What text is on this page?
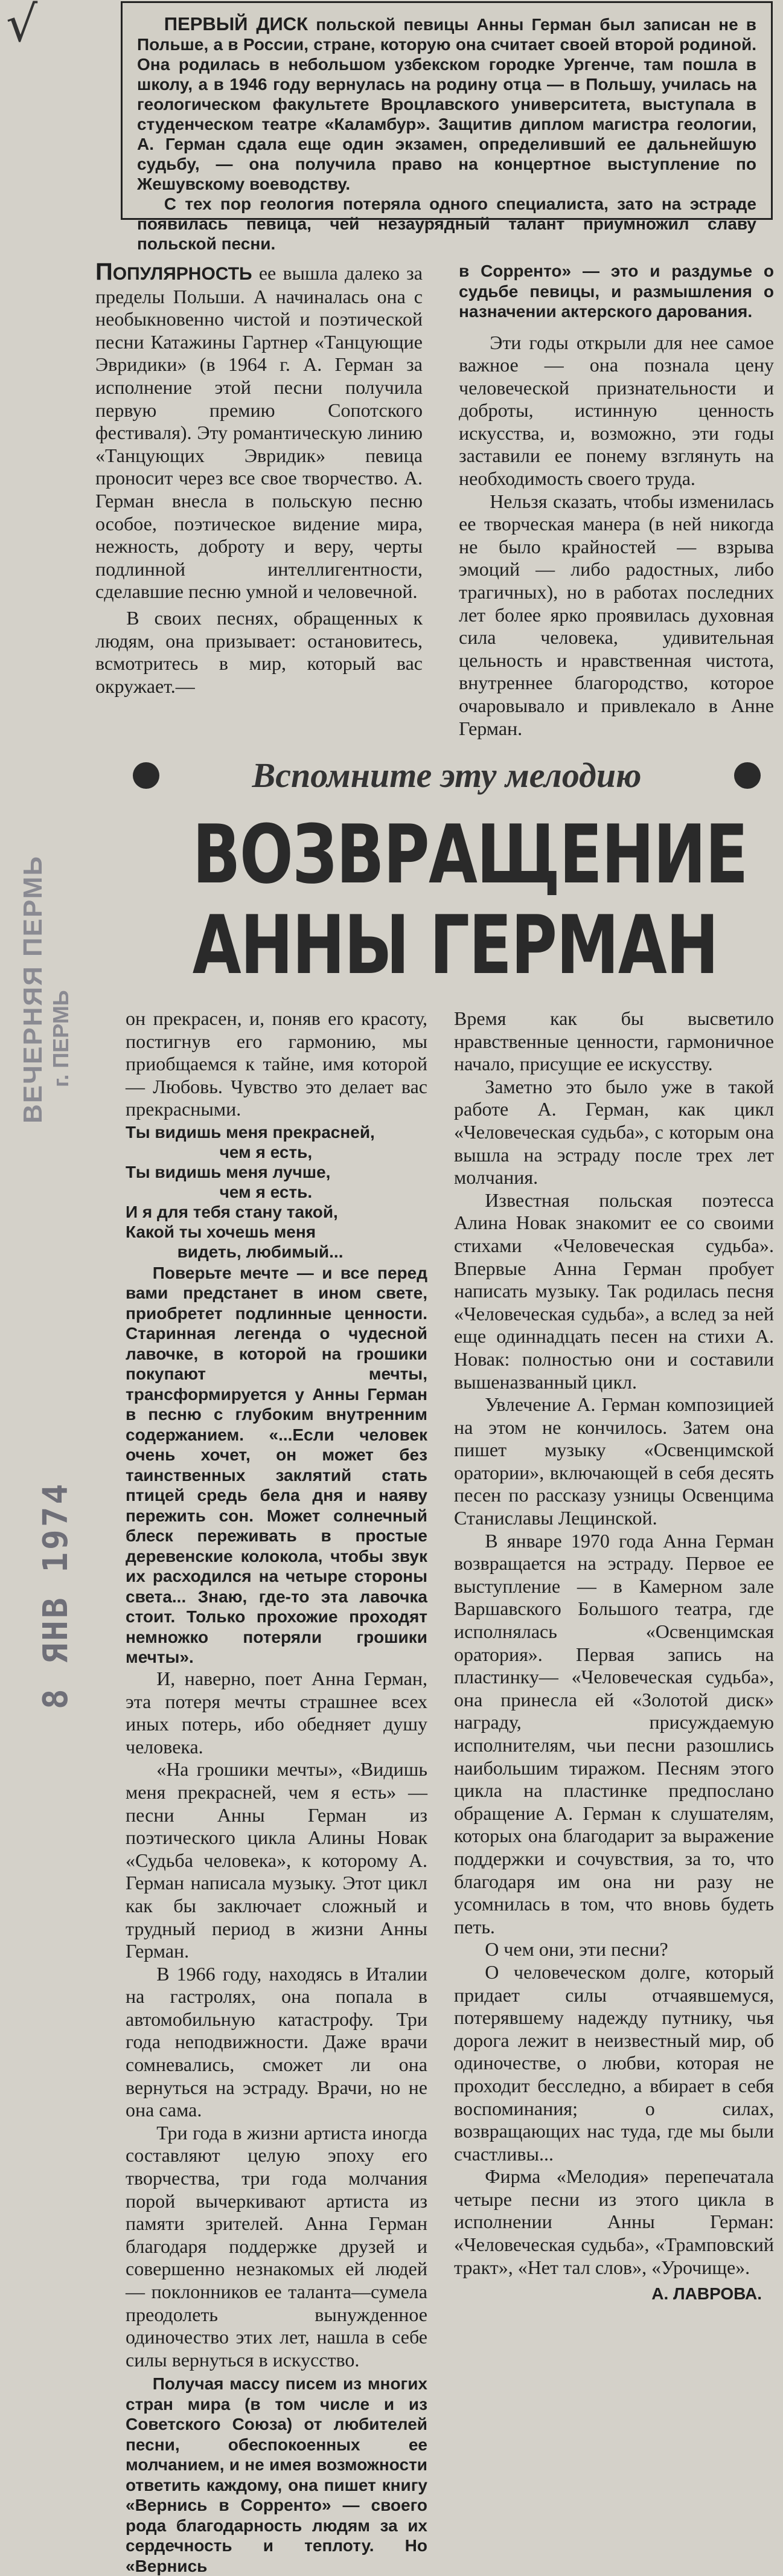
√	ПЕРВЫЙ ДИСК польской певицы Анны Герман был записан не в Польше, а в России, стране, которую она считает своей второй родиной. Она родилась в небольшом узбекском городке Ургенче, там пошла в школу, а в 1946 году вернулась на родину отца — в Польшу, училась на геологическом факультете Вроцлавского университета, выступала в студенческом театре «Каламбур». Защитив диплом магистра геологии, А. Герман сдала еще один экзамен, определивший ее дальнейшую судьбу, — она получила право на концертное выступление по Жешувскому воеводству.

С тех пор геология потеряла одного специалиста, зато на эстраде появилась певица, чей незаурядный талант приумножил славу польской песни.

ПОПУЛЯРНОСТЬ ее вышла далеко за пределы Польши. А начиналась она с необыкновенно чистой и поэтической песни Катажины Гартнер «Танцующие Эвридики» (в 1964 г. А. Герман за исполнение этой песни получила первую премию Сопотского фестиваля). Эту романтическую линию «Танцующих Эвридик» певица проносит через все свое творчество. А. Герман внесла в польскую песню особое, поэтическое видение мира, нежность, доброту и веру, черты подлинной интеллигентности, сделавшие песню умной и человечной.

В своих песнях, обращенных к людям, она призывает: остановитесь, всмотритесь в мир, который вас окружает.—

в Сорренто» — это и раздумье о судьбе певицы, и размышления о назначении актерского дарования.

Эти годы открыли для нее самое важное — она познала цену человеческой признательности и доброты, истинную ценность искусства, и, возможно, эти годы заставили ее понему взглянуть на необходимость своего труда.

Нельзя сказать, чтобы изменилась ее творческая манера (в ней никогда не было крайностей — взрыва эмоций — либо радостных, либо трагичных), но в работах последних лет более ярко проявилась духовная сила человека, удивительная цельность и нравственная чистота, внутреннее благородство, которое очаровывало и привлекало в Анне Герман.

ВЕЧЕРНЯЯ ПЕРМЬ г. ПЕРМЬ
8 ЯНВ 1974
Вспомните эту мелодию
ВОЗВРАЩЕНИЕ
АННЫ ГЕРМАН

он прекрасен, и, поняв его красоту, постигнув его гармонию, мы приобщаемся к тайне, имя которой — Любовь. Чувство это делает вас прекрасными.

Ты видишь меня прекрасней,
чем я есть,
Ты видишь меня лучше,
чем я есть.
И я для тебя стану такой,
Какой ты хочешь меня
видеть, любимый...

Поверьте мечте — и все перед вами предстанет в ином свете, приобретет подлинные ценности. Старинная легенда о чудесной лавочке, в которой на грошики покупают мечты, трансформируется у Анны Герман в песню с глубоким внутренним содержанием. «...Если человек очень хочет, он может без таинственных заклятий стать птицей средь бела дня и наяву пережить сон. Может солнечный блеск переживать в простые деревенские колокола, чтобы звук их расходился на четыре стороны света... Знаю, где-то эта лавочка стоит. Только прохожие проходят немножко потеряли грошики мечты».

И, наверно, поет Анна Герман, эта потеря мечты страшнее всех иных потерь, ибо обедняет душу человека.

«На грошики мечты», «Видишь меня прекрасней, чем я есть» — песни Анны Герман из поэтического цикла Алины Новак «Судьба человека», к которому А. Герман написала музыку. Этот цикл как бы заключает сложный и трудный период в жизни Анны Герман.

В 1966 году, находясь в Италии на гастролях, она попала в автомобильную катастрофу. Три года неподвижности. Даже врачи сомневались, сможет ли она вернуться на эстраду. Врачи, но не она сама.

Три года в жизни артиста иногда составляют целую эпоху его творчества, три года молчания порой вычеркивают артиста из памяти зрителей. Анна Герман благодаря поддержке друзей и совершенно незнакомых ей людей — поклонников ее таланта—сумела преодолеть вынужденное одиночество этих лет, нашла в себе силы вернуться в искусство.

Получая массу писем из многих стран мира (в том числе и из Советского Союза) от любителей песни, обеспокоенных ее молчанием, и не имея возможности ответить каждому, она пишет книгу «Вернись в Сорренто» — своего рода благодарность людям за их сердечность и теплоту. Но «Вернись

Время как бы высветило нравственные ценности, гармоничное начало, присущие ее искусству.

Заметно это было уже в такой работе А. Герман, как цикл «Человеческая судьба», с которым она вышла на эстраду после трех лет молчания.

Известная польская поэтесса Алина Новак знакомит ее со своими стихами «Человеческая судьба». Впервые Анна Герман пробует написать музыку. Так родилась песня «Человеческая судьба», а вслед за ней еще одиннадцать песен на стихи А. Новак: полностью они и составили вышеназванный цикл.

Увлечение А. Герман композицией на этом не кончилось. Затем она пишет музыку «Освенцимской оратории», включающей в себя десять песен по рассказу узницы Освенцима Станиславы Лещинской.

В январе 1970 года Анна Герман возвращается на эстраду. Первое ее выступление — в Камерном зале Варшавского Большого театра, где исполнялась «Освенцимская оратория». Первая запись на пластинку— «Человеческая судьба», она принесла ей «Золотой диск» награду, присуждаемую исполнителям, чьи песни разошлись наибольшим тиражом. Песням этого цикла на пластинке предпослано обращение А. Герман к слушателям, которых она благодарит за выражение поддержки и сочувствия, за то, что благодаря им она ни разу не усомнилась в том, что вновь будеть петь.

О чем они, эти песни?

О человеческом долге, который придает силы отчаявшемуся, потерявшему надежду путнику, чья дорога лежит в неизвестный мир, об одиночестве, о любви, которая не проходит бесследно, а вбирает в себя воспоминания; о силах, возвращающих нас туда, где мы были счастливы...

Фирма «Мелодия» перепечатала четыре песни из этого цикла в исполнении Анны Герман: «Человеческая судьба», «Трамповский тракт», «Нет тал слов», «Урочище».

А. ЛАВРОВА.
